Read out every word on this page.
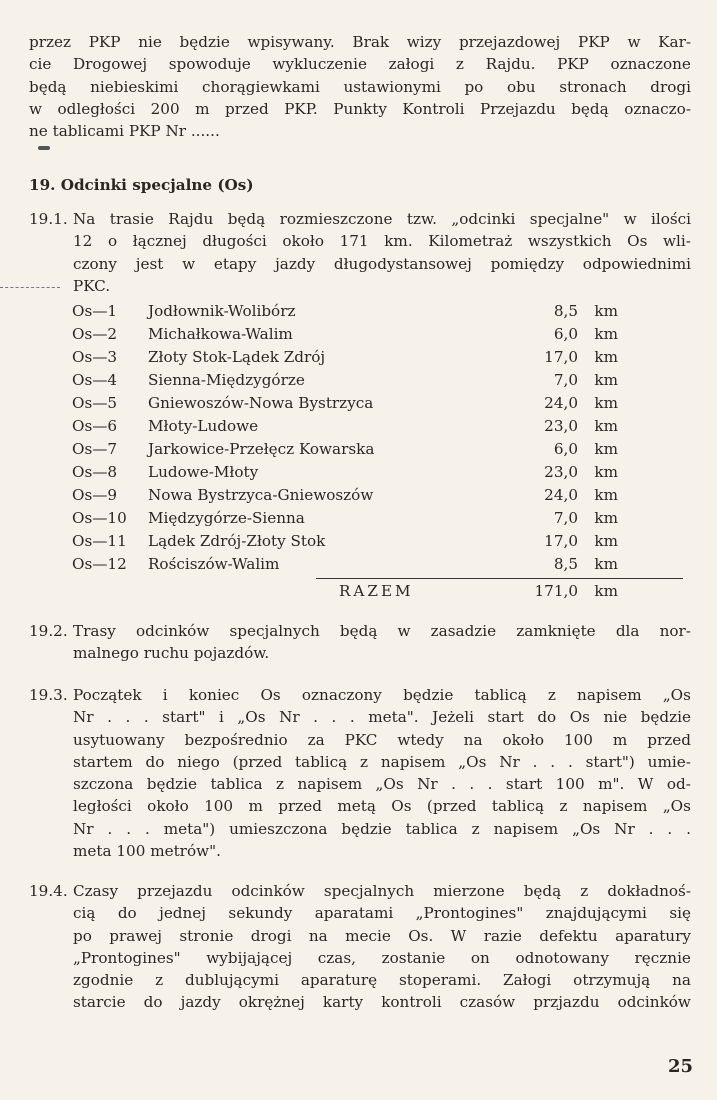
przez PKP nie będzie wpisywany. Brak wizy przejazdowej PKP w Kar-
cie Drogowej spowoduje wykluczenie załogi z Rajdu. PKP oznaczone
będą niebieskimi chorągiewkami ustawionymi po obu stronach drogi
w odległości 200 m przed PKP. Punkty Kontroli Przejazdu będą oznaczo-
ne tablicami PKP Nr ......
19. Odcinki specjalne (Os)
19.1. Na trasie Rajdu będą rozmieszczone tzw. „odcinki specjalne" w ilości
12 o łącznej długości około 171 km. Kilometraż wszystkich Os wli-
czony jest w etapy jazdy długodystansowej pomiędzy odpowiednimi
PKC.
Os—1 Jodłownik-Wolibórz	8,5 km
Os—2 Michałkowa-Walim	6,0 km
Os—3 Złoty Stok-Lądek Zdrój	17,0 km
Os—4 Sienna-Międzygórze	7,0 km
Os—5 Gniewoszów-Nowa Bystrzyca	24,0 km
Os—6 Młoty-Ludowe	23,0 km
Os—7 Jarkowice-Przełęcz Kowarska	6,0 km
Os—8 Ludowe-Młoty	23,0 km
Os—9 Nowa Bystrzyca-Gniewoszów	24,0 km
Os—10 Międzygórze-Sienna	7,0 km
Os—11 Lądek Zdrój-Złoty Stok	17,0 km
Os—12 Rościszów-Walim	8,5 km
RAZEM	171,0 km
19.2. Trasy odcinków specjalnych będą w zasadzie zamknięte dla nor-
malnego ruchu pojazdów.
19.3. Początek i koniec Os oznaczony będzie tablicą z napisem „Os
Nr . . . start" i „Os Nr . . . meta". Jeżeli start do Os nie będzie
usytuowany bezpośrednio za PKC wtedy na około 100 m przed
startem do niego (przed tablicą z napisem „Os Nr . . . start") umie-
szczona będzie tablica z napisem „Os Nr . . . start 100 m". W od-
ległości około 100 m przed metą Os (przed tablicą z napisem „Os
Nr . . . meta") umieszczona będzie tablica z napisem „Os Nr . . .
meta 100 metrów".
19.4. Czasy przejazdu odcinków specjalnych mierzone będą z dokładnoś-
cią do jednej sekundy aparatami „Prontogines" znajdującymi się
po prawej stronie drogi na mecie Os. W razie defektu aparatury
„Prontogines" wybijającej czas, zostanie on odnotowany ręcznie
zgodnie z dublującymi aparaturę stoperami. Załogi otrzymują na
starcie do jazdy okrężnej karty kontroli czasów przjazdu odcinków
25
